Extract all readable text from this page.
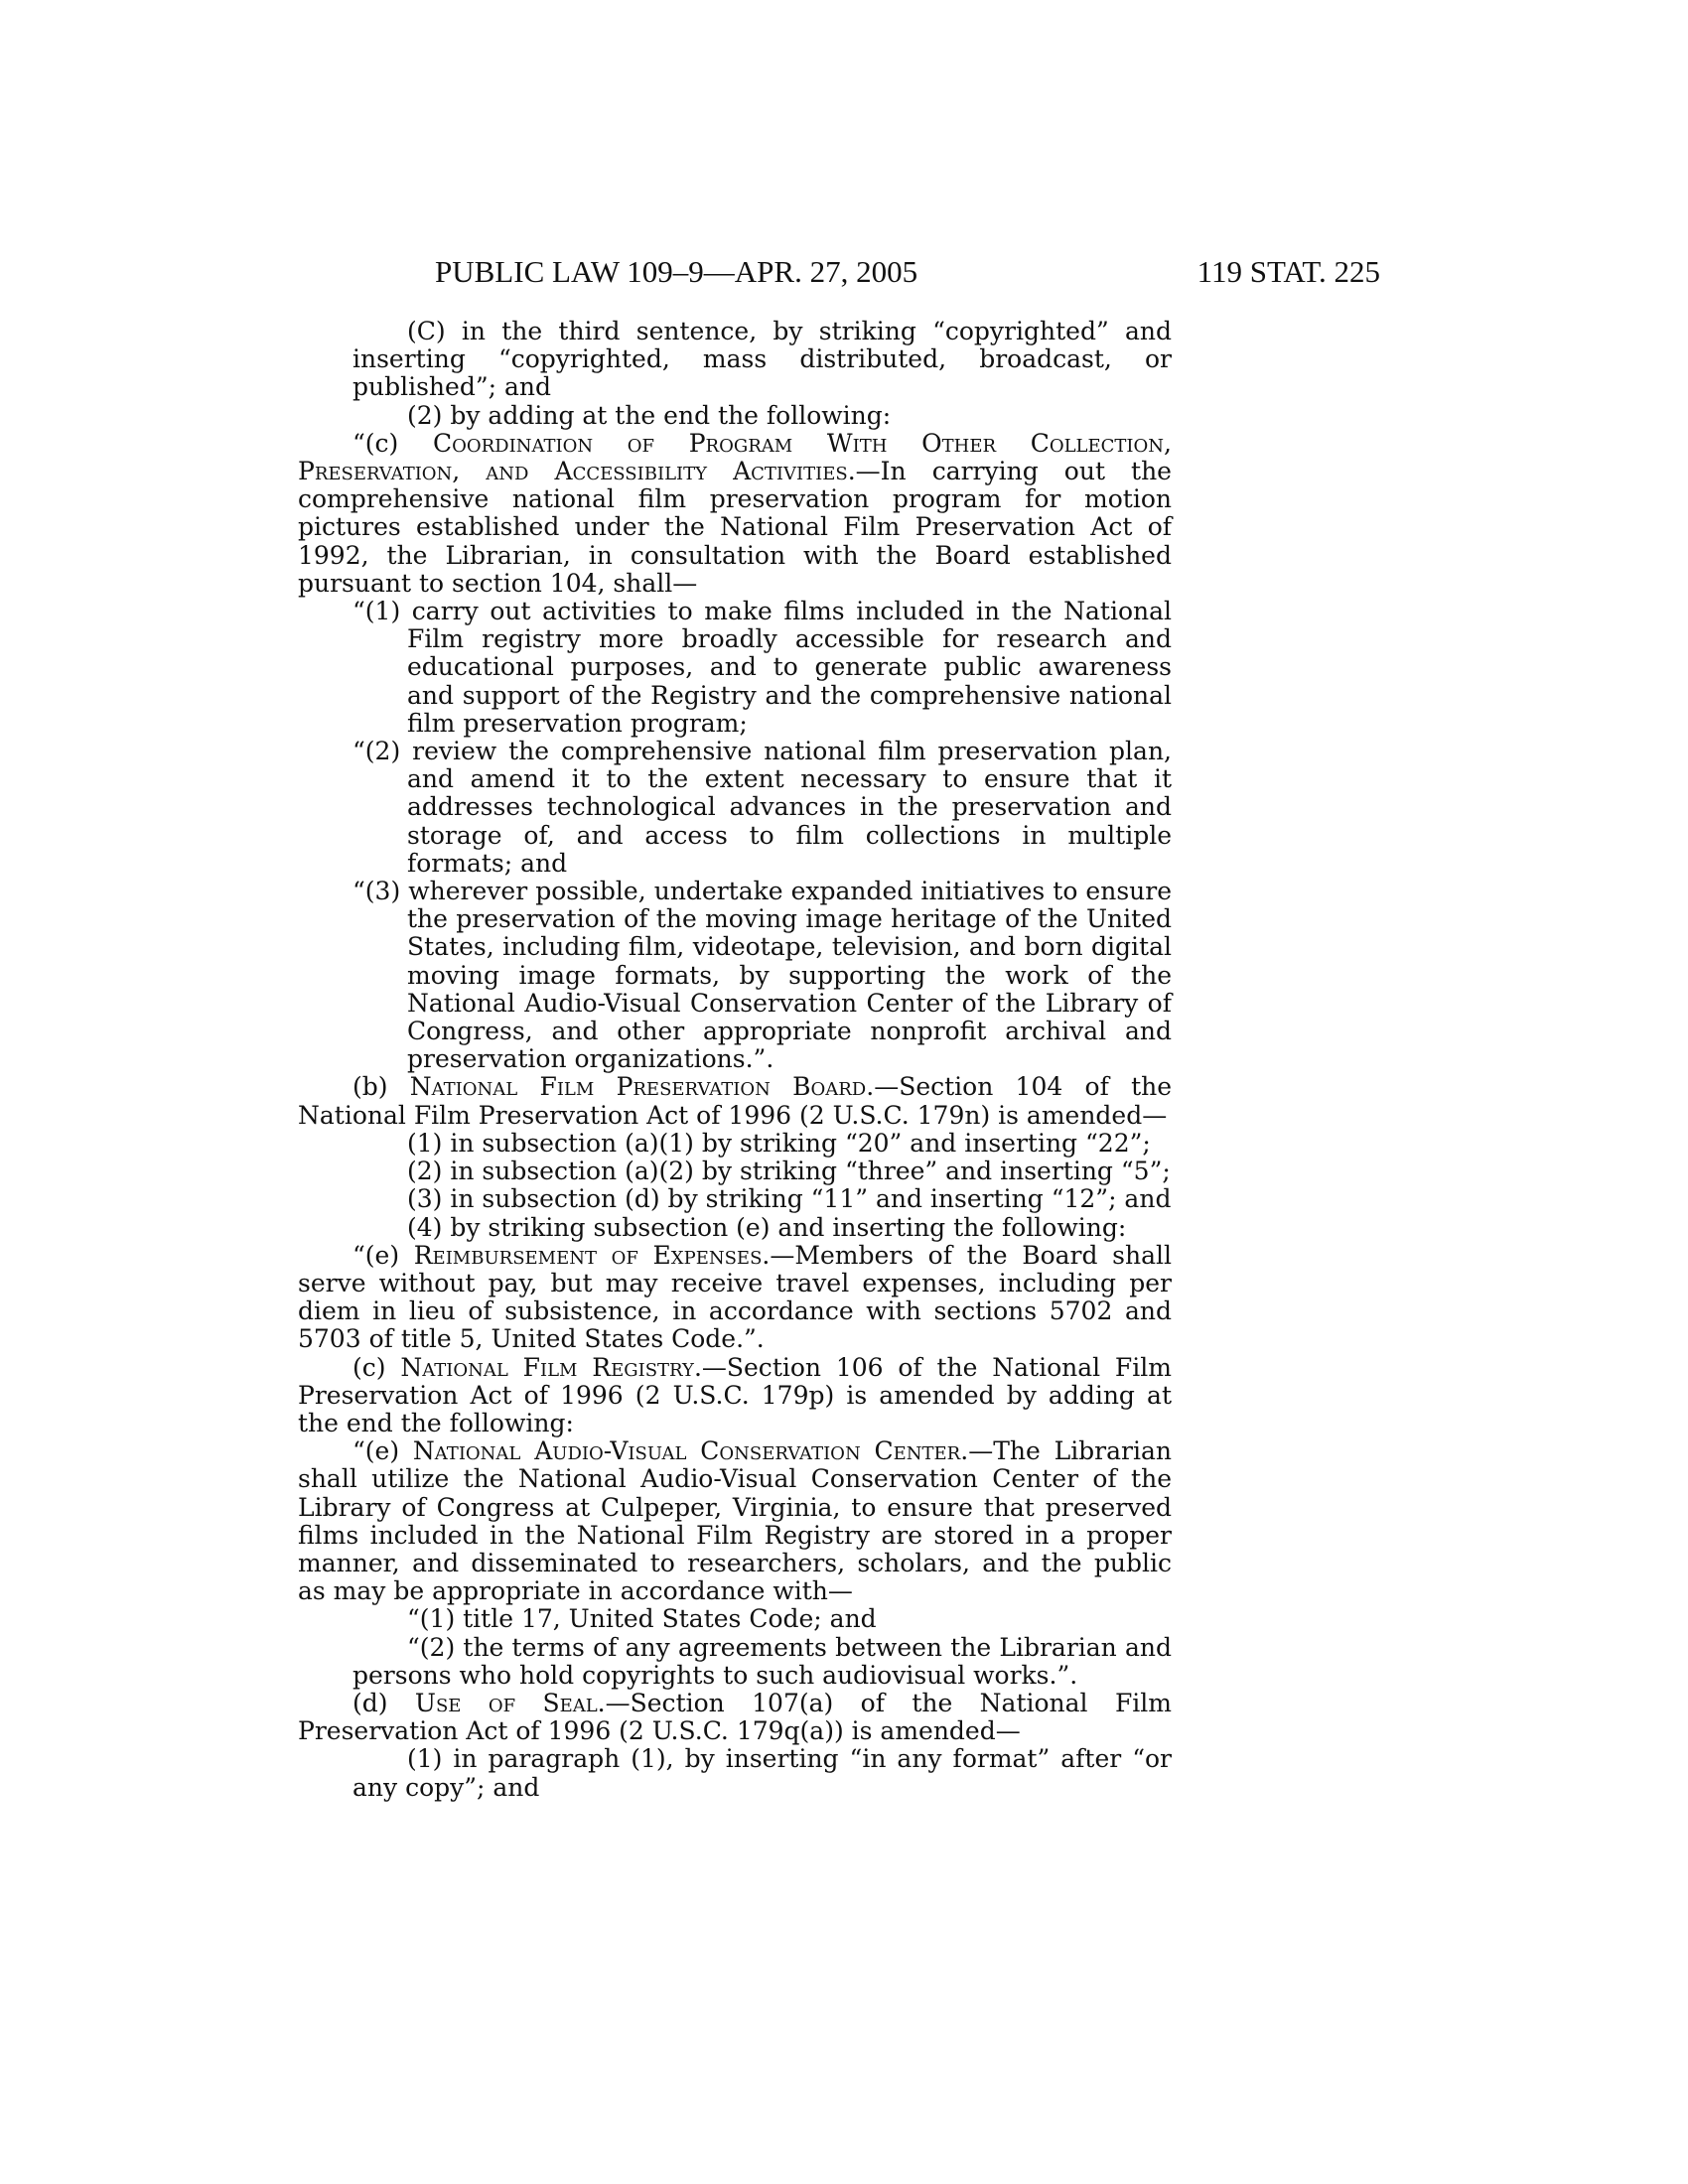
PUBLIC LAW 109–9—APR. 27, 2005	119 STAT. 225

(C) in the third sentence, by striking “copyrighted” and inserting “copyrighted, mass distributed, broadcast, or published”; and

(2) by adding at the end the following:

“(c) Coordination of Program With Other Collection, Preservation, and Accessibility Activities.—In carrying out the comprehensive national film preservation program for motion pictures established under the National Film Preservation Act of 1992, the Librarian, in consultation with the Board established pursuant to section 104, shall—

“(1) carry out activities to make films included in the National Film registry more broadly accessible for research and educational purposes, and to generate public awareness and support of the Registry and the comprehensive national film preservation program;

“(2) review the comprehensive national film preservation plan, and amend it to the extent necessary to ensure that it addresses technological advances in the preservation and storage of, and access to film collections in multiple formats; and

“(3) wherever possible, undertake expanded initiatives to ensure the preservation of the moving image heritage of the United States, including film, videotape, television, and born digital moving image formats, by supporting the work of the National Audio-Visual Conservation Center of the Library of Congress, and other appropriate nonprofit archival and preservation organizations.”.

(b) National Film Preservation Board.—Section 104 of the National Film Preservation Act of 1996 (2 U.S.C. 179n) is amended—

(1) in subsection (a)(1) by striking “20” and inserting “22”;

(2) in subsection (a)(2) by striking “three” and inserting “5”;

(3) in subsection (d) by striking “11” and inserting “12”; and

(4) by striking subsection (e) and inserting the following:

“(e) Reimbursement of Expenses.—Members of the Board shall serve without pay, but may receive travel expenses, including per diem in lieu of subsistence, in accordance with sections 5702 and 5703 of title 5, United States Code.”.

(c) National Film Registry.—Section 106 of the National Film Preservation Act of 1996 (2 U.S.C. 179p) is amended by adding at the end the following:

“(e) National Audio-Visual Conservation Center.—The Librarian shall utilize the National Audio-Visual Conservation Center of the Library of Congress at Culpeper, Virginia, to ensure that preserved films included in the National Film Registry are stored in a proper manner, and disseminated to researchers, scholars, and the public as may be appropriate in accordance with—

“(1) title 17, United States Code; and

“(2) the terms of any agreements between the Librarian and persons who hold copyrights to such audiovisual works.”.

(d) Use of Seal.—Section 107(a) of the National Film Preservation Act of 1996 (2 U.S.C. 179q(a)) is amended—

(1) in paragraph (1), by inserting “in any format” after “or any copy”; and
